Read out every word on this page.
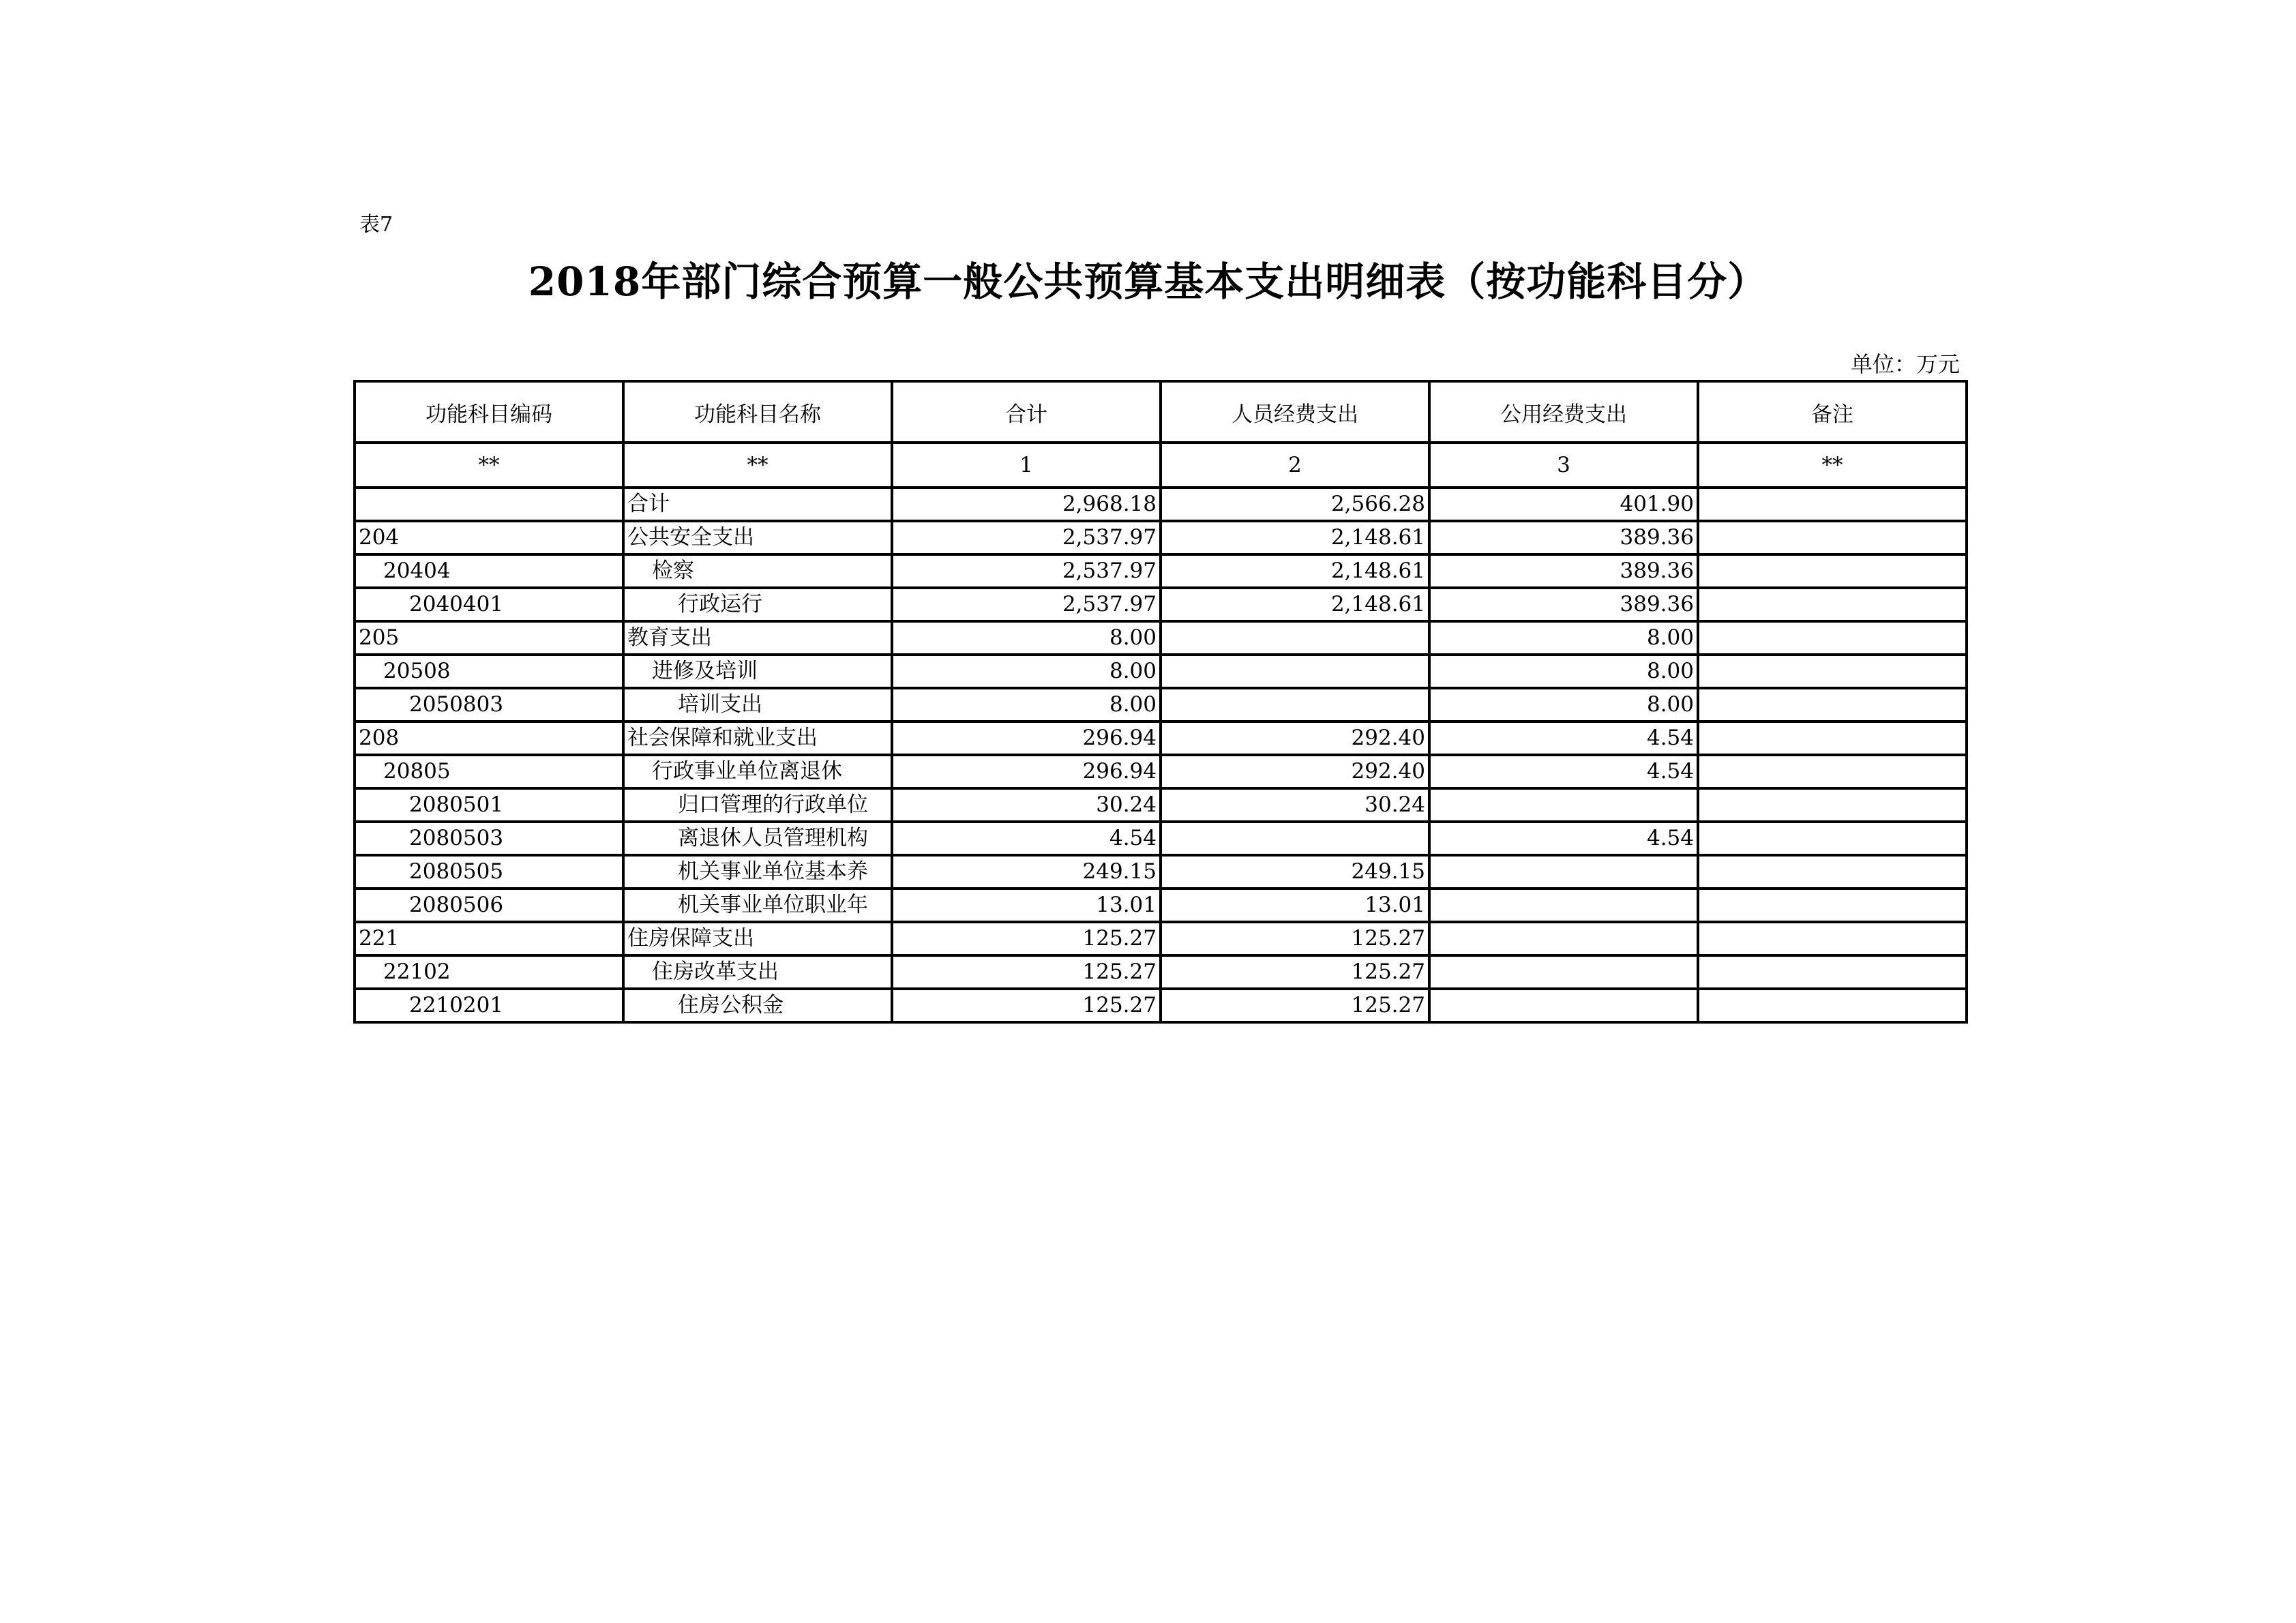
表7
2018年部门综合预算一般公共预算基本支出明细表（按功能科目分）
单位：万元
功能科目编码	功能科目名称	合计	人员经费支出	公用经费支出	备注
**	**	1	2	3	**
	合计	2,968.18	2,566.28	401.90	
204	公共安全支出	2,537.97	2,148.61	389.36	
20404	检察	2,537.97	2,148.61	389.36	
2040401	行政运行	2,537.97	2,148.61	389.36	
205	教育支出	8.00		8.00	
20508	进修及培训	8.00		8.00	
2050803	培训支出	8.00		8.00	
208	社会保障和就业支出	296.94	292.40	4.54	
20805	行政事业单位离退休	296.94	292.40	4.54	
2080501	归口管理的行政单位	30.24	30.24		
2080503	离退休人员管理机构	4.54		4.54	
2080505	机关事业单位基本养	249.15	249.15		
2080506	机关事业单位职业年	13.01	13.01		
221	住房保障支出	125.27	125.27		
22102	住房改革支出	125.27	125.27		
2210201	住房公积金	125.27	125.27		
